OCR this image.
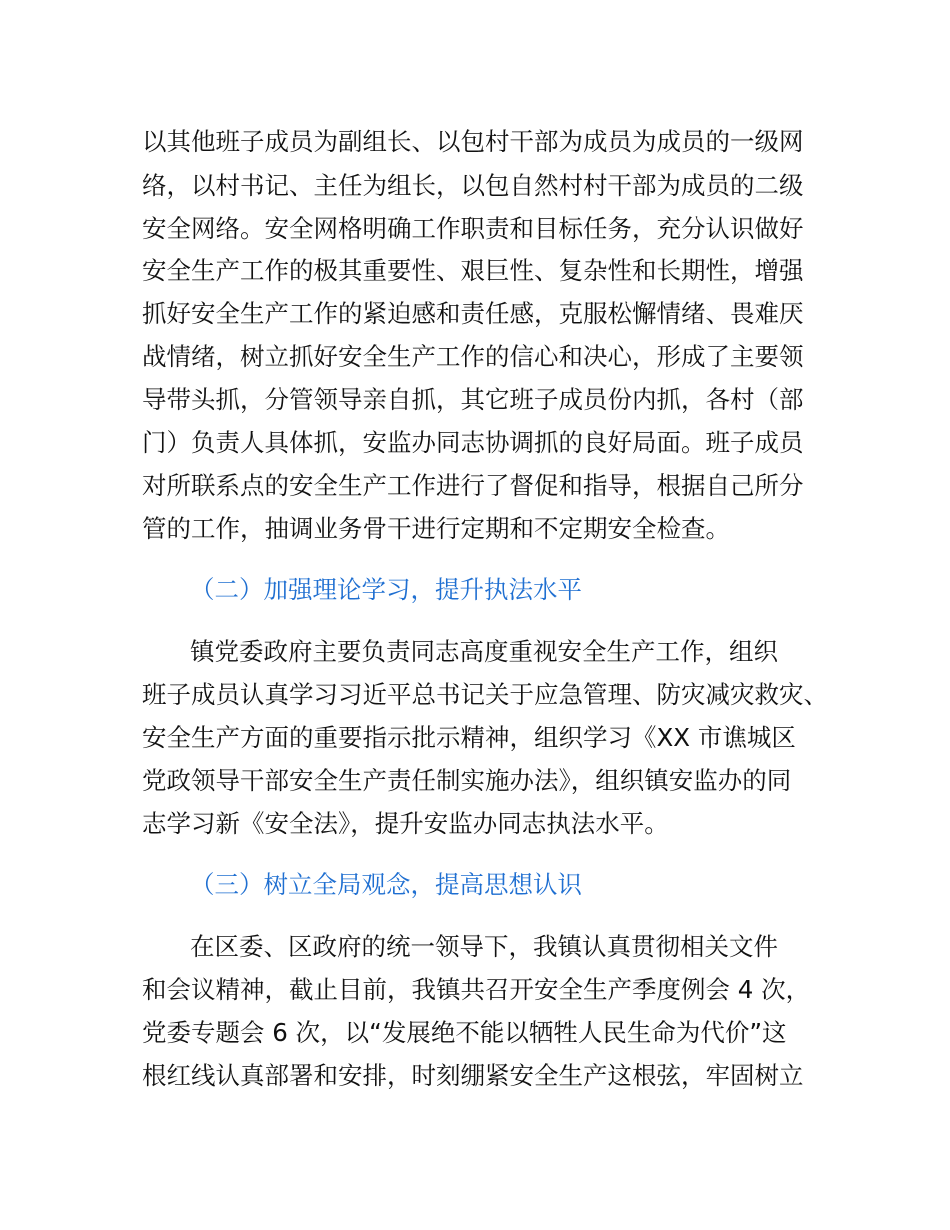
以其他班子成员为副组长、以包村干部为成员为成员的一级网
络，以村书记、主任为组长，以包自然村村干部为成员的二级
安全网络。安全网格明确工作职责和目标任务，充分认识做好
安全生产工作的极其重要性、艰巨性、复杂性和长期性，增强
抓好安全生产工作的紧迫感和责任感，克服松懈情绪、畏难厌
战情绪，树立抓好安全生产工作的信心和决心，形成了主要领
导带头抓，分管领导亲自抓，其它班子成员份内抓，各村（部
门）负责人具体抓，安监办同志协调抓的良好局面。班子成员
对所联系点的安全生产工作进行了督促和指导，根据自己所分
管的工作，抽调业务骨干进行定期和不定期安全检查。
（二）加强理论学习，提升执法水平
镇党委政府主要负责同志高度重视安全生产工作，组织
班子成员认真学习习近平总书记关于应急管理、防灾减灾救灾、
安全生产方面的重要指示批示精神，组织学习《XX 市谯城区
党政领导干部安全生产责任制实施办法》，组织镇安监办的同
志学习新《安全法》，提升安监办同志执法水平。
（三）树立全局观念，提高思想认识
在区委、区政府的统一领导下，我镇认真贯彻相关文件
和会议精神，截止目前，我镇共召开安全生产季度例会 4 次，
党委专题会 6 次，以“发展绝不能以牺牲人民生命为代价”这
根红线认真部署和安排，时刻绷紧安全生产这根弦，牢固树立
